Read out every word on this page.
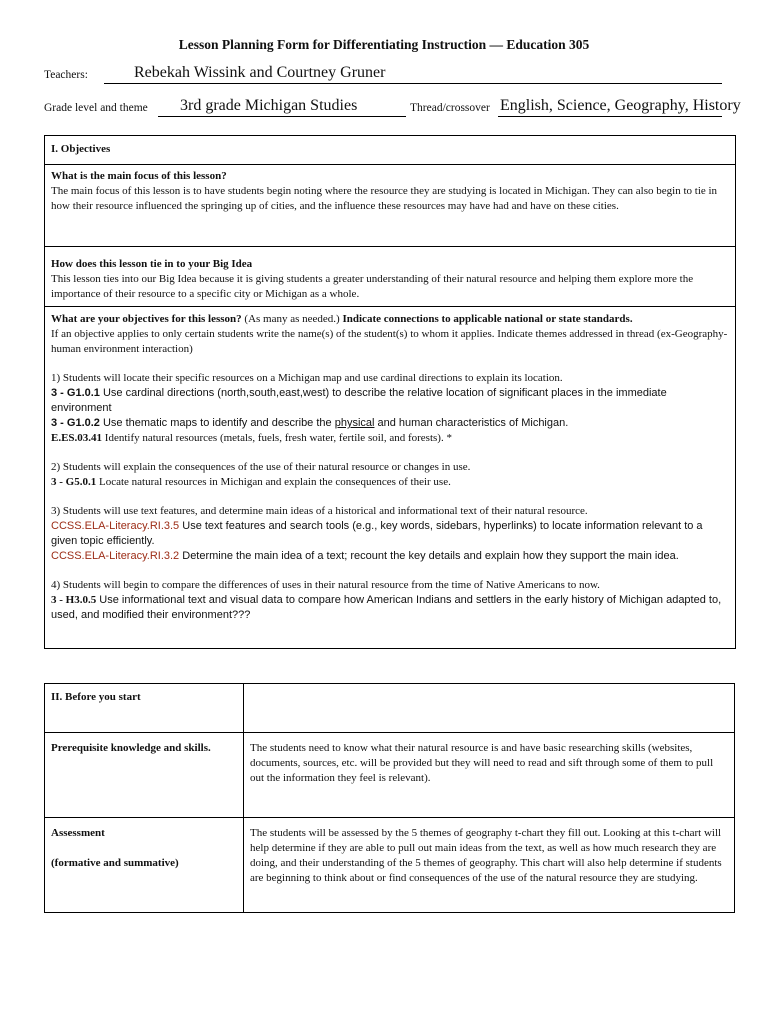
Lesson Planning Form for Differentiating Instruction — Education 305
Teachers:	Rebekah Wissink and Courtney Gruner
Grade level and theme 3rd grade Michigan Studies	Thread/crossover English, Science, Geography, History
I. Objectives
What is the main focus of this lesson?
The main focus of this lesson is to have students begin noting where the resource they are studying is located in Michigan. They can also begin to tie in how their resource influenced the springing up of cities, and the influence these resources may have had and have on these cities.
How does this lesson tie in to your Big Idea
This lesson ties into our Big Idea because it is giving students a greater understanding of their natural resource and helping them explore more the importance of their resource to a specific city or Michigan as a whole.
What are your objectives for this lesson? (As many as needed.) Indicate connections to applicable national or state standards.
If an objective applies to only certain students write the name(s) of the student(s) to whom it applies. Indicate themes addressed in thread (ex-Geography-human environment interaction)
1) Students will locate their specific resources on a Michigan map and use cardinal directions to explain its location.
3 - G1.0.1 Use cardinal directions (north,south,east,west) to describe the relative location of significant places in the immediate environment
3 - G1.0.2 Use thematic maps to identify and describe the physical and human characteristics of Michigan.
E.ES.03.41 Identify natural resources (metals, fuels, fresh water, fertile soil, and forests). *
2) Students will explain the consequences of the use of their natural resource or changes in use.
3 - G5.0.1 Locate natural resources in Michigan and explain the consequences of their use.
3) Students will use text features, and determine main ideas of a historical and informational text of their natural resource.
CCSS.ELA-Literacy.RI.3.5 Use text features and search tools (e.g., key words, sidebars, hyperlinks) to locate information relevant to a given topic efficiently.
CCSS.ELA-Literacy.RI.3.2 Determine the main idea of a text; recount the key details and explain how they support the main idea.
4) Students will begin to compare the differences of uses in their natural resource from the time of Native Americans to now.
3 - H3.0.5 Use informational text and visual data to compare how American Indians and settlers in the early history of Michigan adapted to, used, and modified their environment???
II. Before you start	
Prerequisite knowledge and skills.	The students need to know what their natural resource is and have basic researching skills (websites, documents, sources, etc. will be provided but they will need to read and sift through some of them to pull out the information they feel is relevant).

Assessment
(formative and summative)	The students will be assessed by the 5 themes of geography t-chart they fill out. Looking at this t-chart will help determine if they are able to pull out main ideas from the text, as well as how much research they are doing, and their understanding of the 5 themes of geography. This chart will also help determine if students are beginning to think about or find consequences of the use of the natural resource they are studying.
